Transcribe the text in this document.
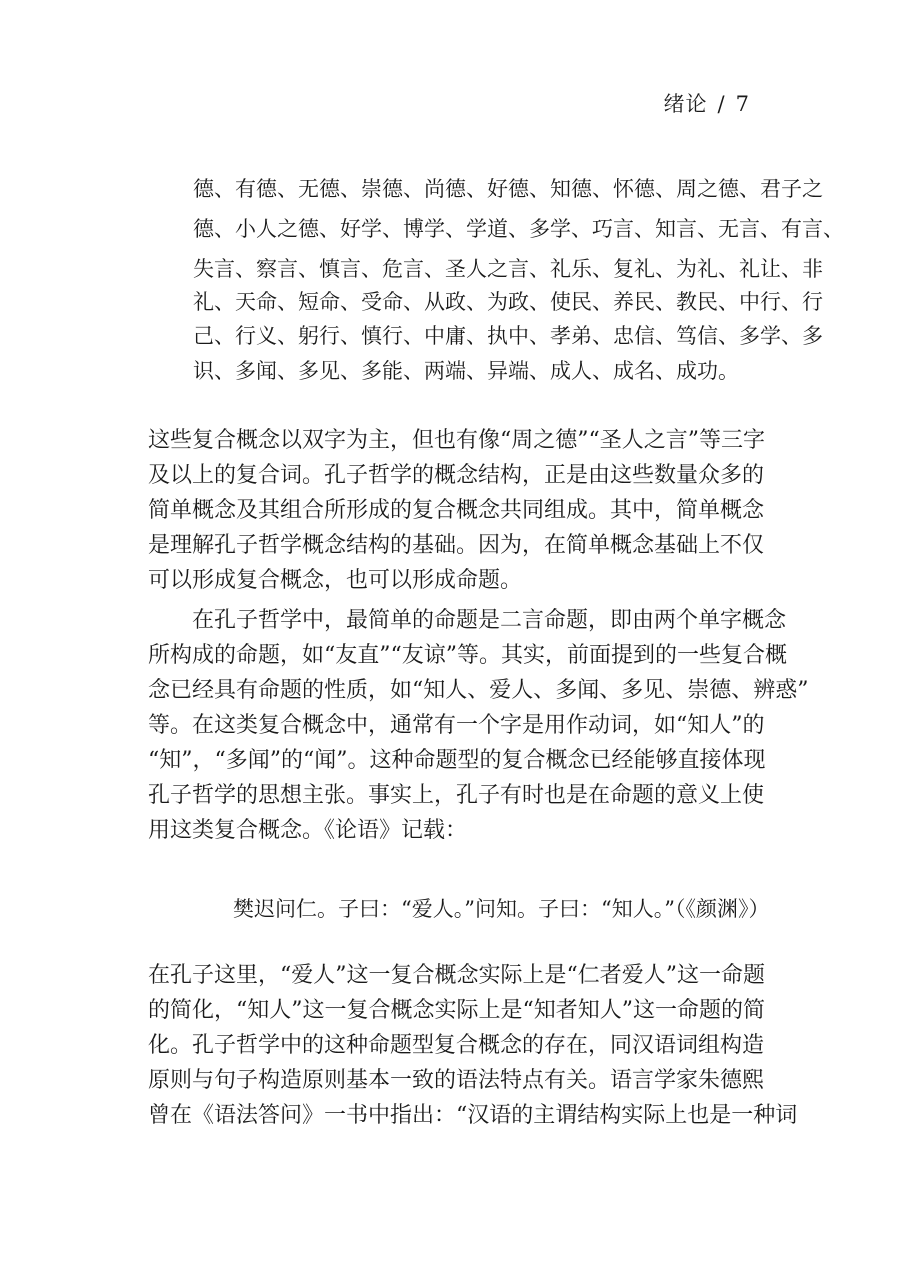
绪论 / 7
德、有德、无德、崇德、尚德、好德、知德、怀德、周之德、君子之
德、小人之德、好学、博学、学道、多学、巧言、知言、无言、有言、
失言、察言、慎言、危言、圣人之言、礼乐、复礼、为礼、礼让、非
礼、天命、短命、受命、从政、为政、使民、养民、教民、中行、行
己、行义、躬行、慎行、中庸、执中、孝弟、忠信、笃信、多学、多
识、多闻、多见、多能、两端、异端、成人、成名、成功。
这些复合概念以双字为主，但也有像“周之德”“圣人之言”等三字
及以上的复合词。孔子哲学的概念结构，正是由这些数量众多的
简单概念及其组合所形成的复合概念共同组成。其中，简单概念
是理解孔子哲学概念结构的基础。因为，在简单概念基础上不仅
可以形成复合概念，也可以形成命题。
在孔子哲学中，最简单的命题是二言命题，即由两个单字概念
所构成的命题，如“友直”“友谅”等。其实，前面提到的一些复合概
念已经具有命题的性质，如“知人、爱人、多闻、多见、崇德、辨惑”
等。在这类复合概念中，通常有一个字是用作动词，如“知人”的
“知”，“多闻”的“闻”。这种命题型的复合概念已经能够直接体现
孔子哲学的思想主张。事实上，孔子有时也是在命题的意义上使
用这类复合概念。《论语》记载：
樊迟问仁。子曰：“爱人。”问知。子曰：“知人。”（《颜渊》）
在孔子这里，“爱人”这一复合概念实际上是“仁者爱人”这一命题
的简化，“知人”这一复合概念实际上是“知者知人”这一命题的简
化。孔子哲学中的这种命题型复合概念的存在，同汉语词组构造
原则与句子构造原则基本一致的语法特点有关。语言学家朱德熙
曾在《语法答问》一书中指出：“汉语的主谓结构实际上也是一种词
